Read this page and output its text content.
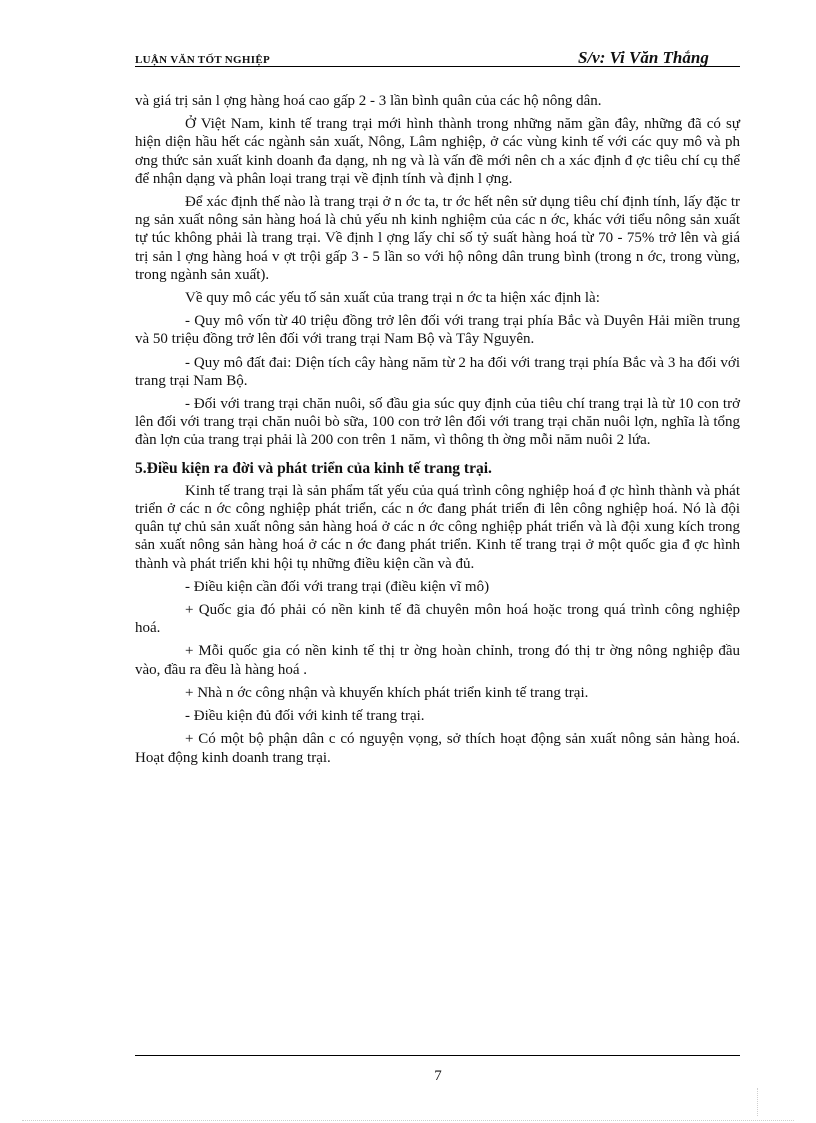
LUẬN VĂN TỐT NGHIỆP	S/v: Vi Văn Thắng

và giá trị sản l ợng hàng hoá cao gấp 2 - 3 lần bình quân của các hộ nông dân.

Ở Việt Nam, kinh tế trang trại mới hình thành trong những năm gần đây, những đã có sự hiện diện hầu hết các ngành sản xuất, Nông, Lâm nghiệp, ở các vùng kinh tế với các quy mô và ph ơng thức sản xuất kinh doanh đa dạng, nh ng và là vấn đề mới nên ch a xác định đ ợc tiêu chí cụ thể để nhận dạng và phân loại trang trại về định tính và định l ợng.

Để xác định thế nào là trang trại ở n ớc ta, tr ớc hết nên sử dụng tiêu chí định tính, lấy đặc tr ng sản xuất nông sản hàng hoá là chủ yếu nh kinh nghiệm của các n ớc, khác với tiểu nông sản xuất tự túc không phải là trang trại. Về định l ợng lấy chỉ số tỷ suất hàng hoá từ 70 - 75% trở lên và giá trị sản l ợng hàng hoá v ợt trội gấp 3 - 5 lần so với hộ nông dân trung bình (trong n ớc, trong vùng, trong ngành sản xuất).

Về quy mô các yếu tố sản xuất của trang trại n ớc ta hiện xác định là:

- Quy mô vốn từ 40 triệu đồng trở lên đối với trang trại phía Bắc và Duyên Hải miền trung và 50 triệu đồng trở lên đối với trang trại Nam Bộ và Tây Nguyên.

- Quy mô đất đai: Diện tích cây hàng năm từ 2 ha đối với trang trại phía Bắc và 3 ha đối với trang trại Nam Bộ.

- Đối với trang trại chăn nuôi, số đầu gia súc quy định của tiêu chí trang trại là từ 10 con trở lên đối với trang trại chăn nuôi bò sữa, 100 con trở lên đối với trang trại chăn nuôi lợn, nghĩa là tổng đàn lợn của trang trại phải là 200 con trên 1 năm, vì thông th ờng mỗi năm nuôi 2 lứa.

5.Điều kiện ra đời và phát triển của kinh tế trang trại.

Kinh tế trang trại là sản phẩm tất yếu của quá trình công nghiệp hoá đ ợc hình thành và phát triển ở các n ớc công nghiệp phát triển, các n ớc đang phát triển đi lên công nghiệp hoá. Nó là đội quân tự chủ sản xuất nông sản hàng hoá ở các n ớc công nghiệp phát triển và là đội xung kích trong sản xuất nông sản hàng hoá ở các n ớc đang phát triển. Kinh tế trang trại ở một quốc gia đ ợc hình thành và phát triển khi hội tụ những điều kiện cần và đủ.

- Điều kiện cần đối với trang trại (điều kiện vĩ mô)

+ Quốc gia đó phải có nền kinh tế đã chuyên môn hoá hoặc trong quá trình công nghiệp hoá.

+ Mỗi quốc gia có nền kinh tế thị tr ờng hoàn chỉnh, trong đó thị tr ờng nông nghiệp đầu vào, đầu ra đều là hàng hoá .

+ Nhà n ớc công nhận và khuyến khích phát triển kinh tế trang trại.

- Điều kiện đủ đối với kinh tế trang trại.

+ Có một bộ phận dân c có nguyện vọng, sở thích hoạt động sản xuất nông sản hàng hoá. Hoạt động kinh doanh trang trại.

7
